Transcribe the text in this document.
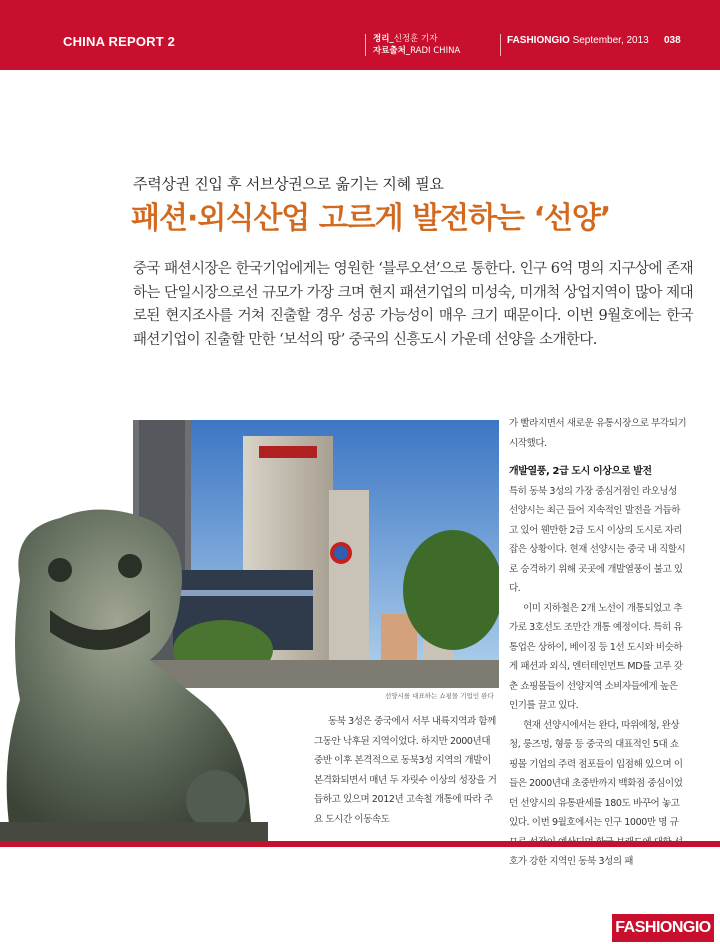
CHINA REPORT 2	정리_신정훈 기자
자료출처_RADI CHINA
FASHIONGIO September, 2013 038
주력상권 진입 후 서브상권으로 옮기는 지혜 필요
패션·외식산업 고르게 발전하는 ‘선양’
중국 패션시장은 한국기업에게는 영원한 ‘블루오션’으로 통한다. 인구 6억 명의 지구상에 존재하는 단일시장으로선 규모가 가장 크며 현지 패션기업의 미성숙, 미개척 상업지역이 많아 제대로된 현지조사를 거쳐 진출할 경우 성공 가능성이 매우 크기 때문이다. 이번 9월호에는 한국 패션기업이 진출할 만한 ‘보석의 땅’ 중국의 신흥도시 가운데 선양을 소개한다.
선양시를 대표하는 쇼핑몰 기업인 완다

동북 3성은 중국에서 서부 내륙지역과 함께 그동안 낙후된 지역이었다. 하지만 2000년대 중반 이후 본격적으로 동북3성 지역의 개발이 본격화되면서 매년 두 자릿수 이상의 성장을 거듭하고 있으며 2012년 고속철 개통에 따라 주요 도시간 이동속도

가 빨라지면서 새로운 유통시장으로 부각되기 시작했다.

개발열풍, 2급 도시 이상으로 발전

특히 동북 3성의 가장 중심거점인 라오닝성 선양시는 최근 들어 지속적인 발전을 거듭하고 있어 웬만한 2급 도시 이상의 도시로 자리 잡은 상황이다. 현재 선양시는 중국 내 직할시로 승격하기 위해 곳곳에 개발열풍이 불고 있다.

이미 지하철은 2개 노선이 개통되었고 추가로 3호선도 조만간 개통 예정이다. 특히 유통업은 상하이, 베이징 등 1선 도시와 비슷하게 패션과 외식, 엔터테인먼트 MD를 고루 갖춘 쇼핑몰들이 선양지역 소비자들에게 높은 인기를 끌고 있다.

현재 선양시에서는 완다, 따위에청, 완상청, 룽즈멍, 형룽 등 중국의 대표적인 5대 쇼핑몰 기업의 주력 점포들이 입점해 있으며 이들은 2000년대 초중반까지 백화점 중심이었던 선양시의 유통판세를 180도 바꾸어 놓고 있다. 이번 9월호에서는 인구 1000만 명 규 호가 강한 지역인 동북 3성의 패

FASHIONGIO
